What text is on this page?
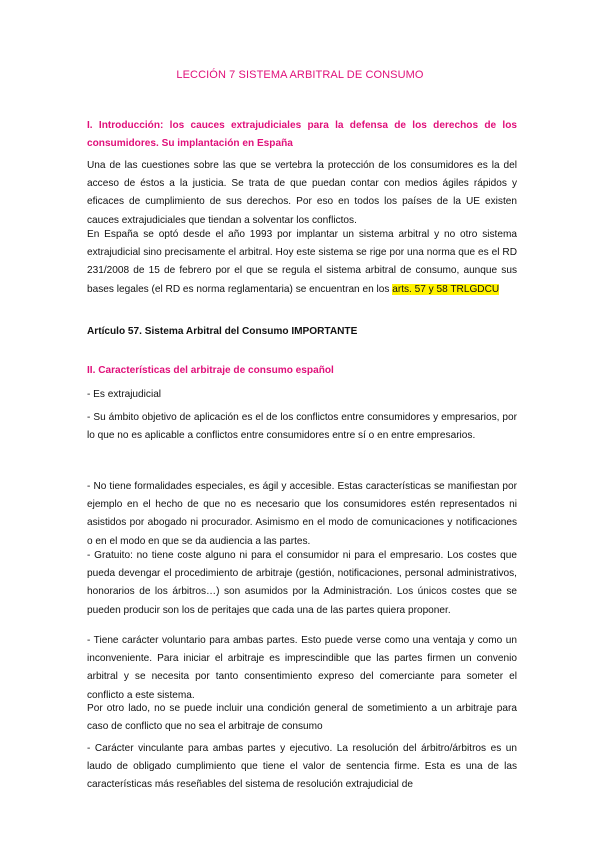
LECCIÓN 7 SISTEMA ARBITRAL DE CONSUMO

I. Introducción: los cauces extrajudiciales para la defensa de los derechos de los consumidores. Su implantación en España

Una de las cuestiones sobre las que se vertebra la protección de los consumidores es la del acceso de éstos a la justicia. Se trata de que puedan contar con medios ágiles rápidos y eficaces de cumplimiento de sus derechos. Por eso en todos los países de la UE existen cauces extrajudiciales que tiendan a solventar los conflictos.

En España se optó desde el año 1993 por implantar un sistema arbitral y no otro sistema extrajudicial sino precisamente el arbitral. Hoy este sistema se rige por una norma que es el RD 231/2008 de 15 de febrero por el que se regula el sistema arbitral de consumo, aunque sus bases legales (el RD es norma reglamentaria) se encuentran en los arts. 57 y 58 TRLGDCU

Artículo 57. Sistema Arbitral del Consumo IMPORTANTE

II. Características del arbitraje de consumo español

- Es extrajudicial

- Su ámbito objetivo de aplicación es el de los conflictos entre consumidores y empresarios, por lo que no es aplicable a conflictos entre consumidores entre sí o en entre empresarios.

- No tiene formalidades especiales, es ágil y accesible. Estas características se manifiestan por ejemplo en el hecho de que no es necesario que los consumidores estén representados ni asistidos por abogado ni procurador. Asimismo en el modo de comunicaciones y notificaciones o en el modo en que se da audiencia a las partes.

- Gratuito: no tiene coste alguno ni para el consumidor ni para el empresario. Los costes que pueda devengar el procedimiento de arbitraje (gestión, notificaciones, personal administrativos, honorarios de los árbitros…) son asumidos por la Administración. Los únicos costes que se pueden producir son los de peritajes que cada una de las partes quiera proponer.

- Tiene carácter voluntario para ambas partes. Esto puede verse como una ventaja y como un inconveniente. Para iniciar el arbitraje es imprescindible que las partes firmen un convenio arbitral y se necesita por tanto consentimiento expreso del comerciante para someter el conflicto a este sistema.

Por otro lado, no se puede incluir una condición general de sometimiento a un arbitraje para caso de conflicto que no sea el arbitraje de consumo

- Carácter vinculante para ambas partes y ejecutivo. La resolución del árbitro/árbitros es un laudo de obligado cumplimiento que tiene el valor de sentencia firme. Esta es una de las características más reseñables del sistema de resolución extrajudicial de
